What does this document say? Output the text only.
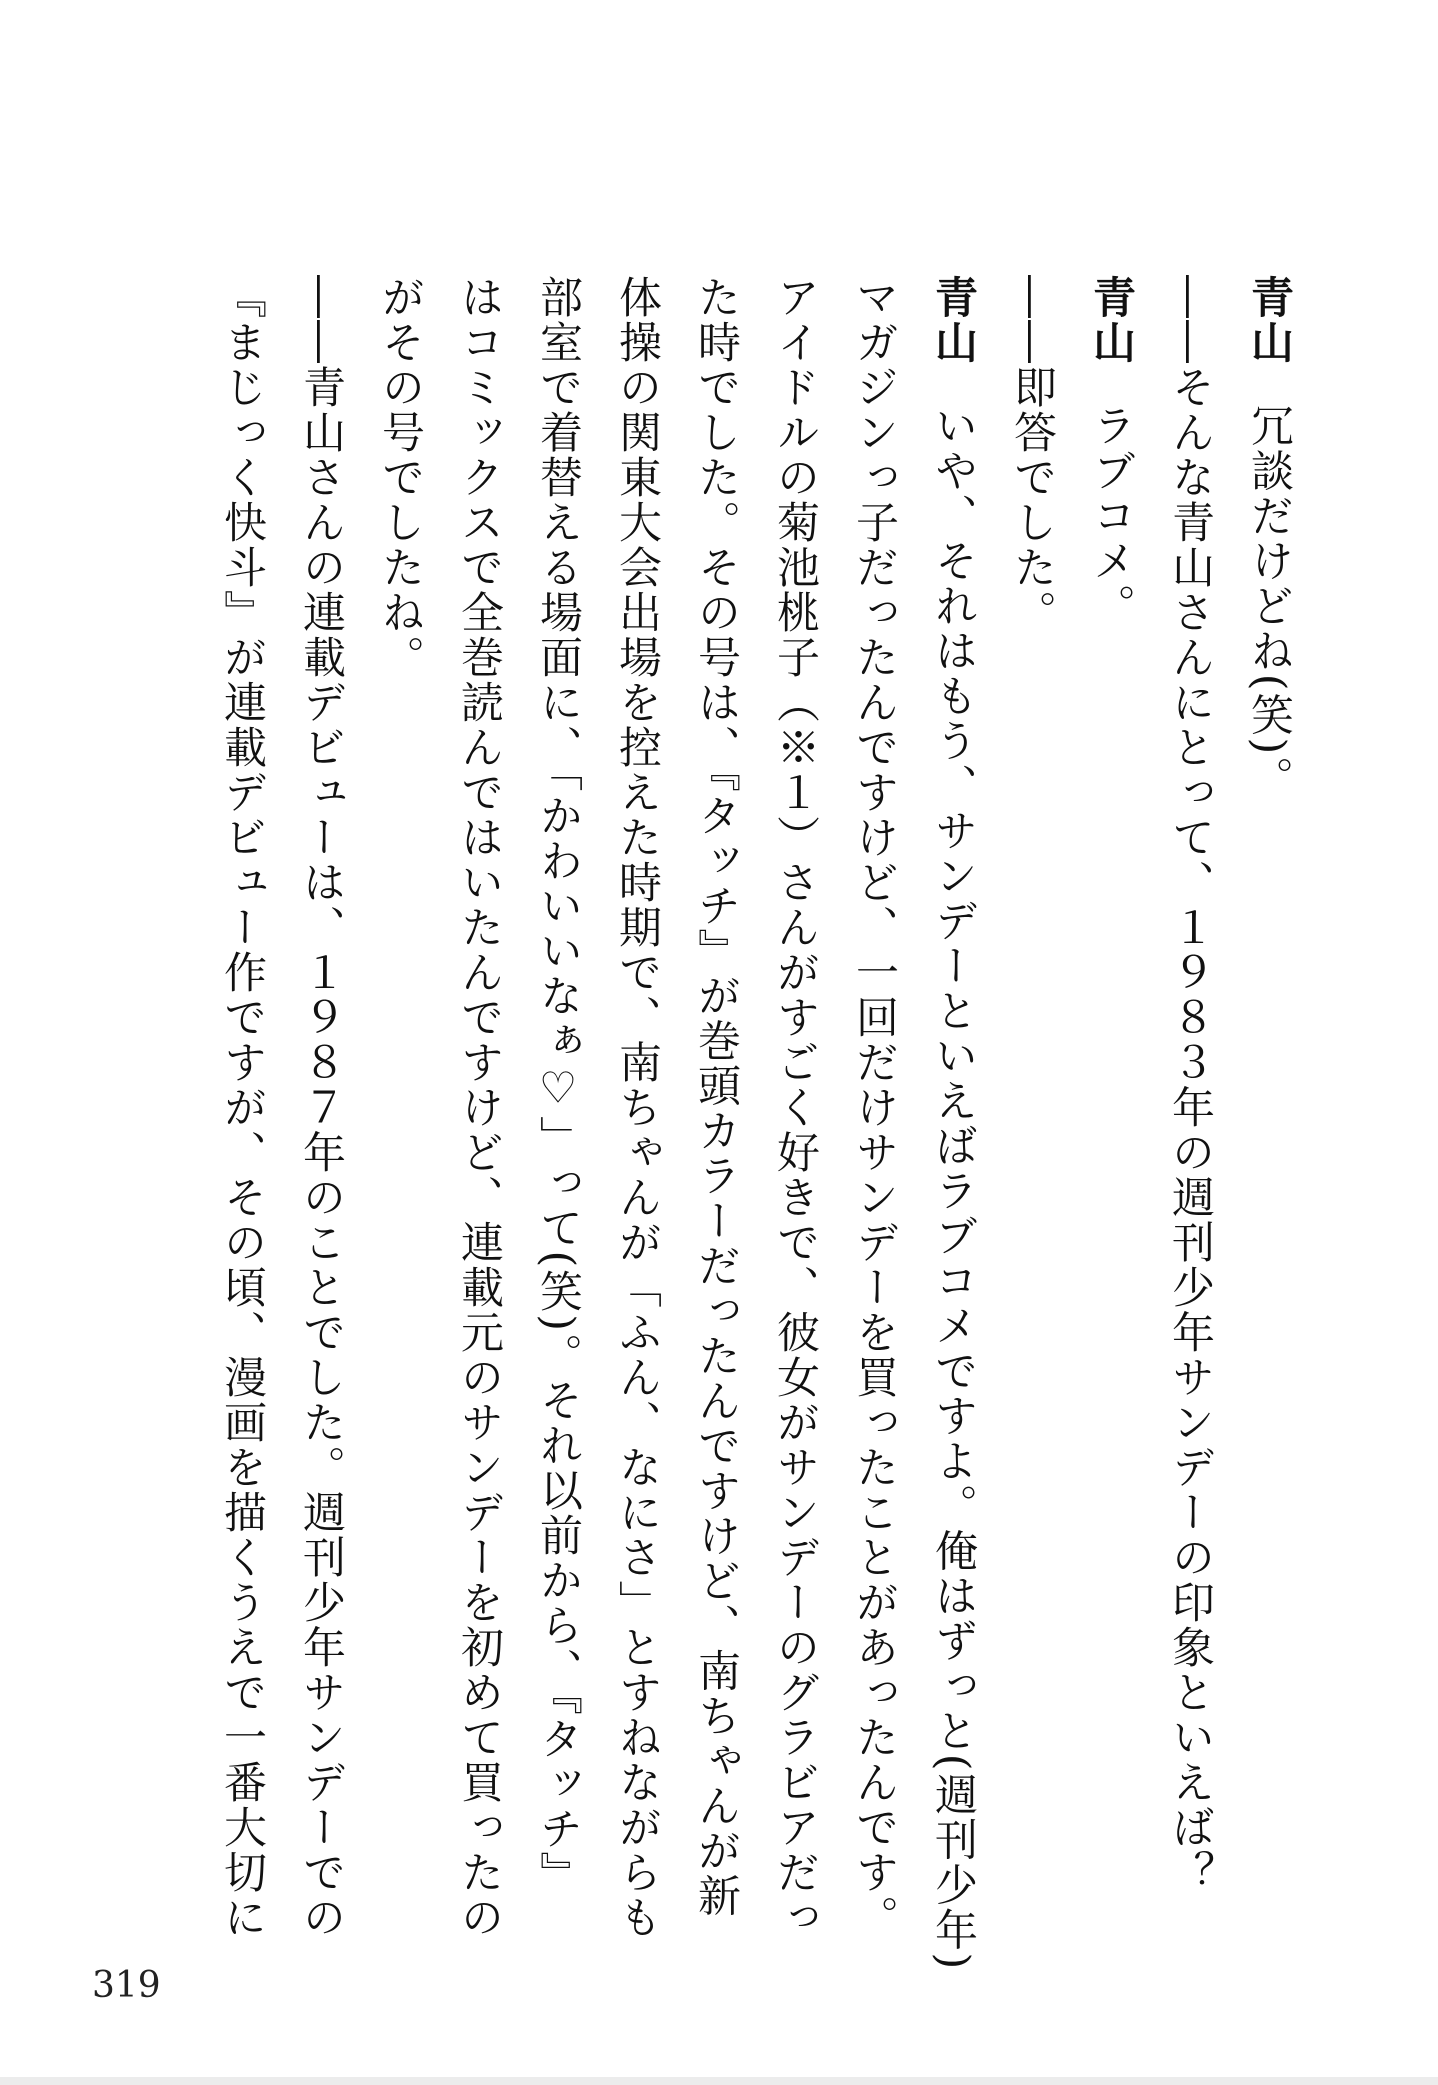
青山冗談だけどね(笑)。
――そんな青山さんにとって、１９８３年の週刊少年サンデーの印象といえば？
青山ラブコメ。
――即答でした。
青山いや、それはもう、サンデーといえばラブコメですよ。俺はずっと(週刊少年)
マガジンっ子だったんですけど、一回だけサンデーを買ったことがあったんです。
アイドルの菊池桃子（※１）さんがすごく好きで、彼女がサンデーのグラビアだっ
た時でした。その号は、『タッチ』が巻頭カラーだったんですけど、南ちゃんが新
体操の関東大会出場を控えた時期で、南ちゃんが「ふん、なにさ」とすねながらも
部室で着替える場面に、「かわいいなぁ♡」って(笑)。それ以前から、『タッチ』
はコミックスで全巻読んではいたんですけど、連載元のサンデーを初めて買ったの
がその号でしたね。
――青山さんの連載デビューは、１９８７年のことでした。週刊少年サンデーでの
『まじっく快斗』が連載デビュー作ですが、その頃、漫画を描くうえで一番大切に
319
